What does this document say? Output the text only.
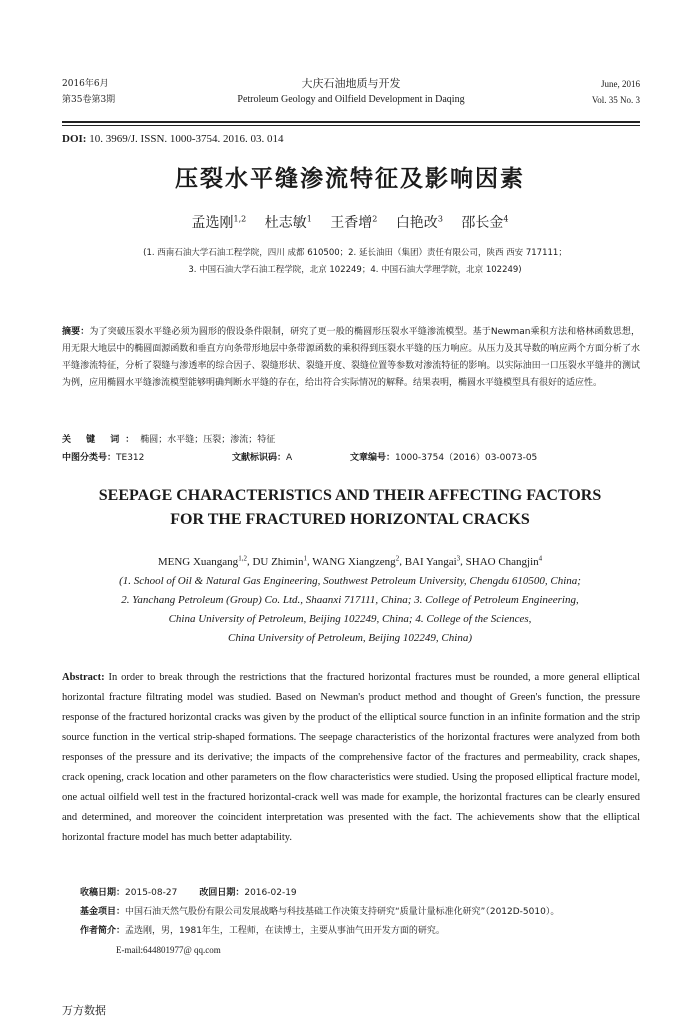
2016年6月
第35卷第3期
大庆石油地质与开发
Petroleum Geology and Oilfield Development in Daqing
June, 2016
Vol. 35 No. 3
DOI: 10. 3969/J. ISSN. 1000-3754. 2016. 03. 014
压裂水平缝渗流特征及影响因素
孟选刚$^{1,2}$ 杜志敏$^1$ 王香增$^2$ 白艳改$^3$ 邵长金$^4$
(1. 西南石油大学石油工程学院，四川 成都 610500；2. 延长油田（集团）责任有限公司，陕西 西安 717111；
3. 中国石油大学石油工程学院，北京 102249；4. 中国石油大学理学院，北京 102249)
摘要：为了突破压裂水平缝必须为圆形的假设条件限制，研究了更一般的椭圆形压裂水平缝渗流模型。基于Newman乘积方法和格林函数思想，用无限大地层中的椭圆面源函数和垂直方向条带形地层中条带源函数的乘积得到压裂水平缝的压力响应。从压力及其导数的响应两个方面分析了水平缝渗流特征，分析了裂缝与渗透率的综合因子、裂缝形状、裂缝开度、裂缝位置等参数对渗流特征的影响。以实际油田一口压裂水平缝井的测试为例，应用椭圆水平缝渗流模型能够明确判断水平缝的存在，给出符合实际情况的解释。结果表明，椭圆水平缝模型具有很好的适应性。
关 键 词：椭圆；水平缝；压裂；渗流；特征
中图分类号：TE312	文献标识码：A	文章编号：1000-3754（2016）03-0073-05
SEEPAGE CHARACTERISTICS AND THEIR AFFECTING FACTORS
FOR THE FRACTURED HORIZONTAL CRACKS
MENG Xuangang$^{1,2}$, DU Zhimin$^1$, WANG Xiangzeng$^2$, BAI Yangai$^3$, SHAO Changjin$^4$
(1. School of Oil & Natural Gas Engineering, Southwest Petroleum University, Chengdu 610500, China;
2. Yanchang Petroleum (Group) Co. Ltd., Shaanxi 717111, China; 3. College of Petroleum Engineering,
China University of Petroleum, Beijing 102249, China; 4. College of the Sciences,
China University of Petroleum, Beijing 102249, China)
Abstract: In order to break through the restrictions that the fractured horizontal fractures must be rounded, a more general elliptical horizontal fracture filtrating model was studied. Based on Newman's product method and thought of Green's function, the pressure response of the fractured horizontal cracks was given by the product of the elliptical source function in an infinite formation and the strip source function in the vertical strip-shaped formations. The seepage characteristics of the horizontal fractures were analyzed from both responses of the pressure and its derivative; the impacts of the comprehensive factor of the fractures and permeability, crack shapes, crack opening, crack location and other parameters on the flow characteristics were studied. Using the proposed elliptical fracture model, one actual oilfield well test in the fractured horizontal-crack well was made for example, the horizontal fractures can be clearly ensured and determined, and moreover the coincident interpretation was presented with the fact. The achievements show that the elliptical horizontal fracture model has much better adaptability.
收稿日期：2015-08-27 改回日期：2016-02-19
基金项目：中国石油天然气股份有限公司发展战略与科技基础工作决策支持研究“质量计量标准化研究”（2012D-5010）。
作者简介：孟选刚，男，1981年生，工程师，在读博士，主要从事油气田开发方面的研究。
E-mail:644801977@ qq.com
万方数据
